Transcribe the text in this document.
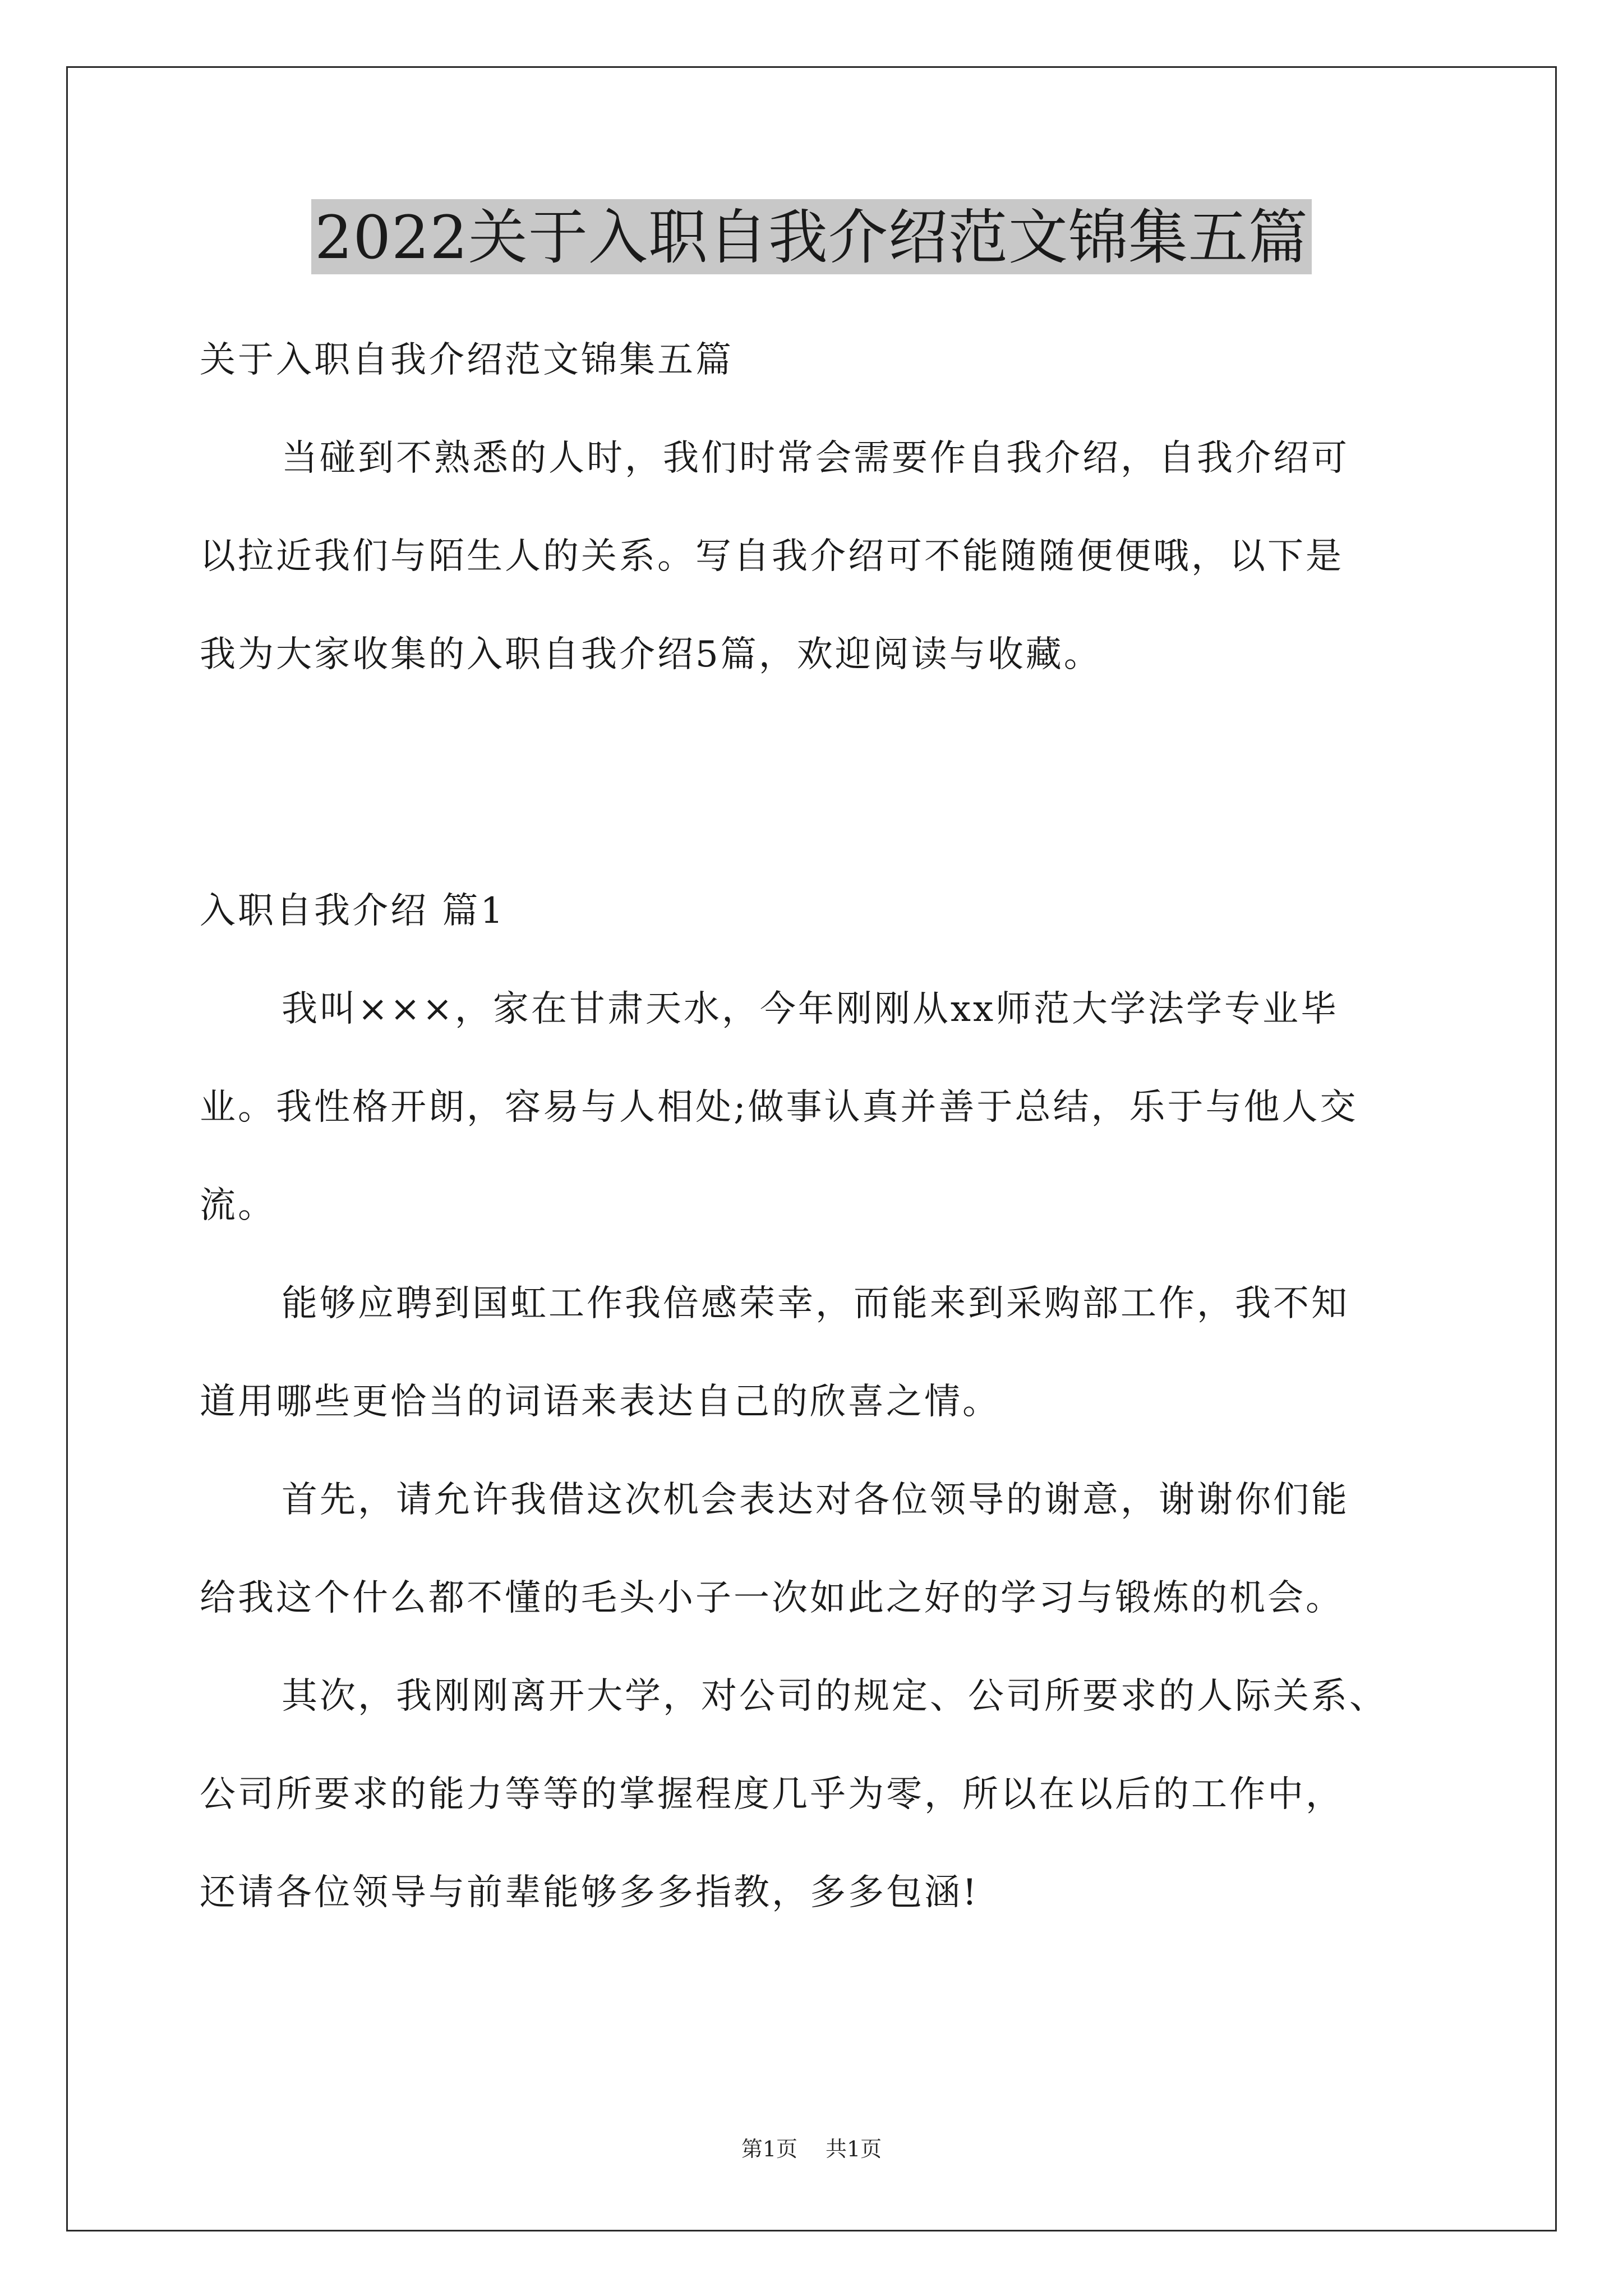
2022关于入职自我介绍范文锦集五篇
关于入职自我介绍范文锦集五篇
当碰到不熟悉的人时，我们时常会需要作自我介绍，自我介绍可
以拉近我们与陌生人的关系。写自我介绍可不能随随便便哦，以下是
我为大家收集的入职自我介绍5篇，欢迎阅读与收藏。
入职自我介绍 篇1
我叫×××，家在甘肃天水，今年刚刚从xx师范大学法学专业毕
业。我性格开朗，容易与人相处;做事认真并善于总结，乐于与他人交
流。
能够应聘到国虹工作我倍感荣幸，而能来到采购部工作，我不知
道用哪些更恰当的词语来表达自己的欣喜之情。
首先，请允许我借这次机会表达对各位领导的谢意，谢谢你们能
给我这个什么都不懂的毛头小子一次如此之好的学习与锻炼的机会。
其次，我刚刚离开大学，对公司的规定、公司所要求的人际关系、
公司所要求的能力等等的掌握程度几乎为零，所以在以后的工作中，
还请各位领导与前辈能够多多指教，多多包涵!
第1页 共1页
